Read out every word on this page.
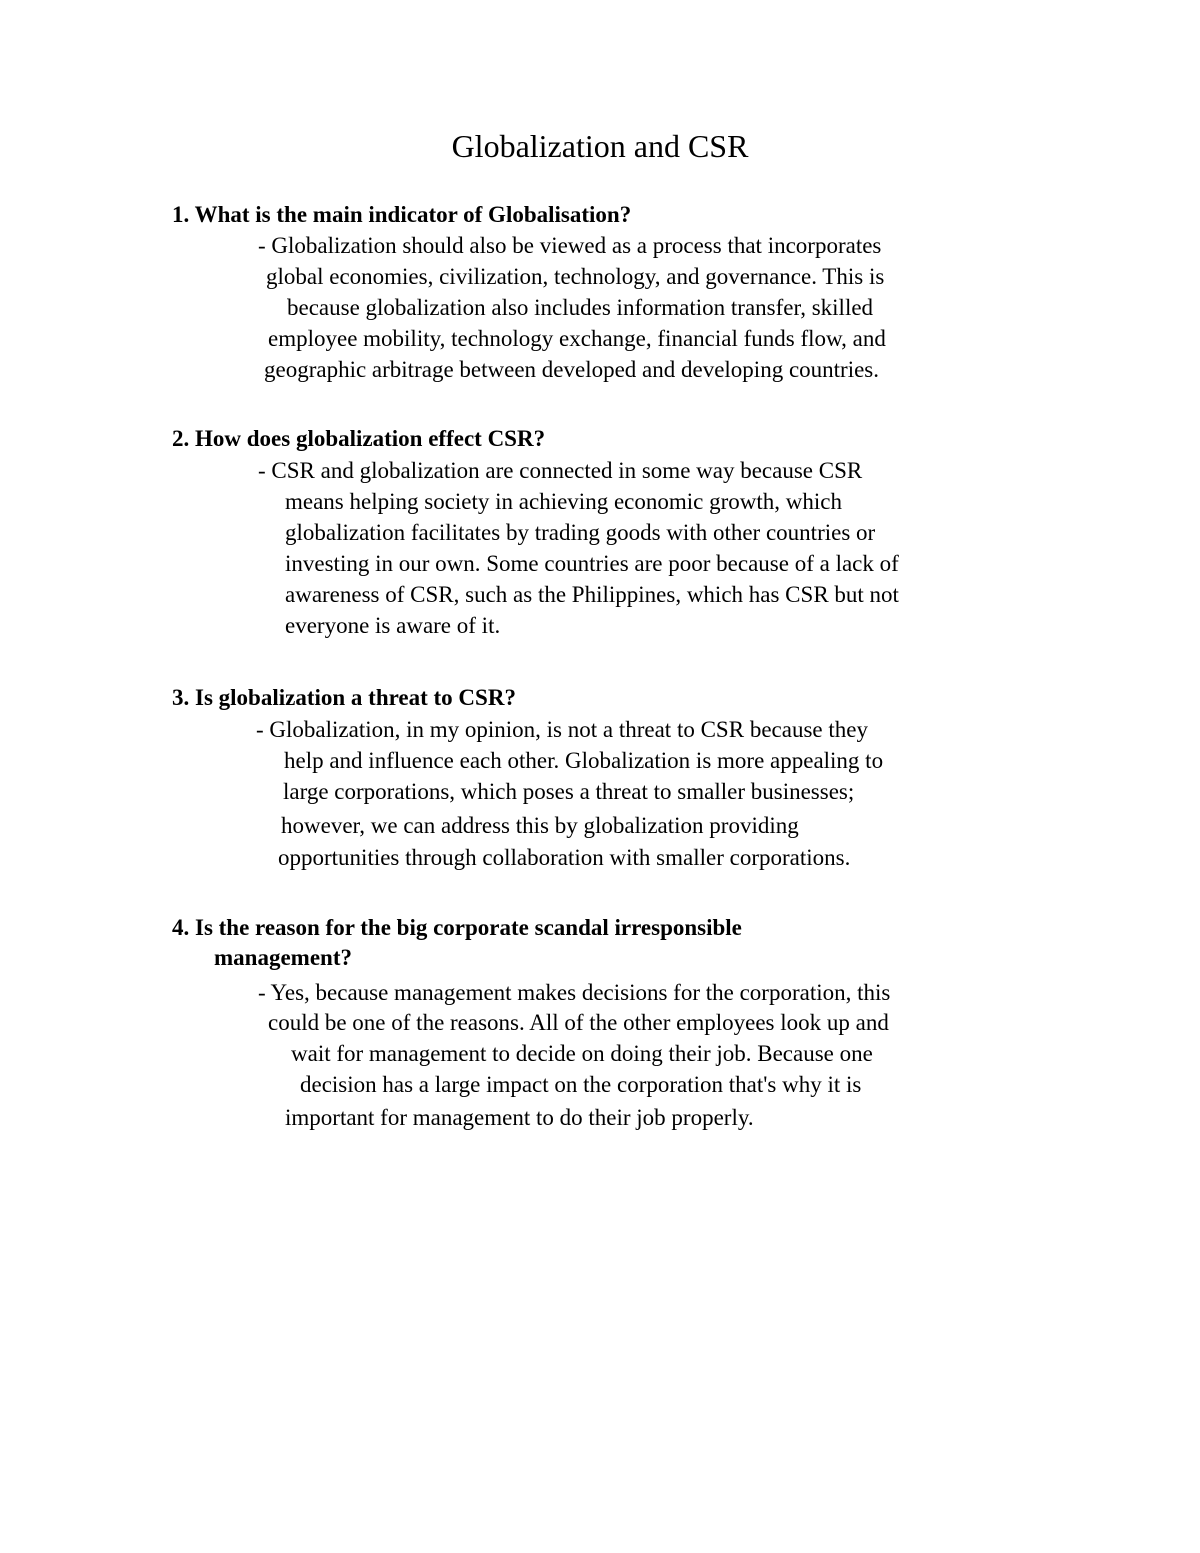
Globalization and CSR

1. What is the main indicator of Globalisation?

- Globalization should also be viewed as a process that incorporates

global economies, civilization, technology, and governance. This is

because globalization also includes information transfer, skilled

employee mobility, technology exchange, financial funds flow, and

geographic arbitrage between developed and developing countries.

2. How does globalization effect CSR?

- CSR and globalization are connected in some way because CSR

means helping society in achieving economic growth, which

globalization facilitates by trading goods with other countries or

investing in our own. Some countries are poor because of a lack of

awareness of CSR, such as the Philippines, which has CSR but not

everyone is aware of it.

3. Is globalization a threat to CSR?

- Globalization, in my opinion, is not a threat to CSR because they

help and influence each other. Globalization is more appealing to

large corporations, which poses a threat to smaller businesses;

however, we can address this by globalization providing

opportunities through collaboration with smaller corporations.

4. Is the reason for the big corporate scandal irresponsible

management?

- Yes, because management makes decisions for the corporation, this

could be one of the reasons. All of the other employees look up and

wait for management to decide on doing their job. Because one

decision has a large impact on the corporation that's why it is

important for management to do their job properly.
